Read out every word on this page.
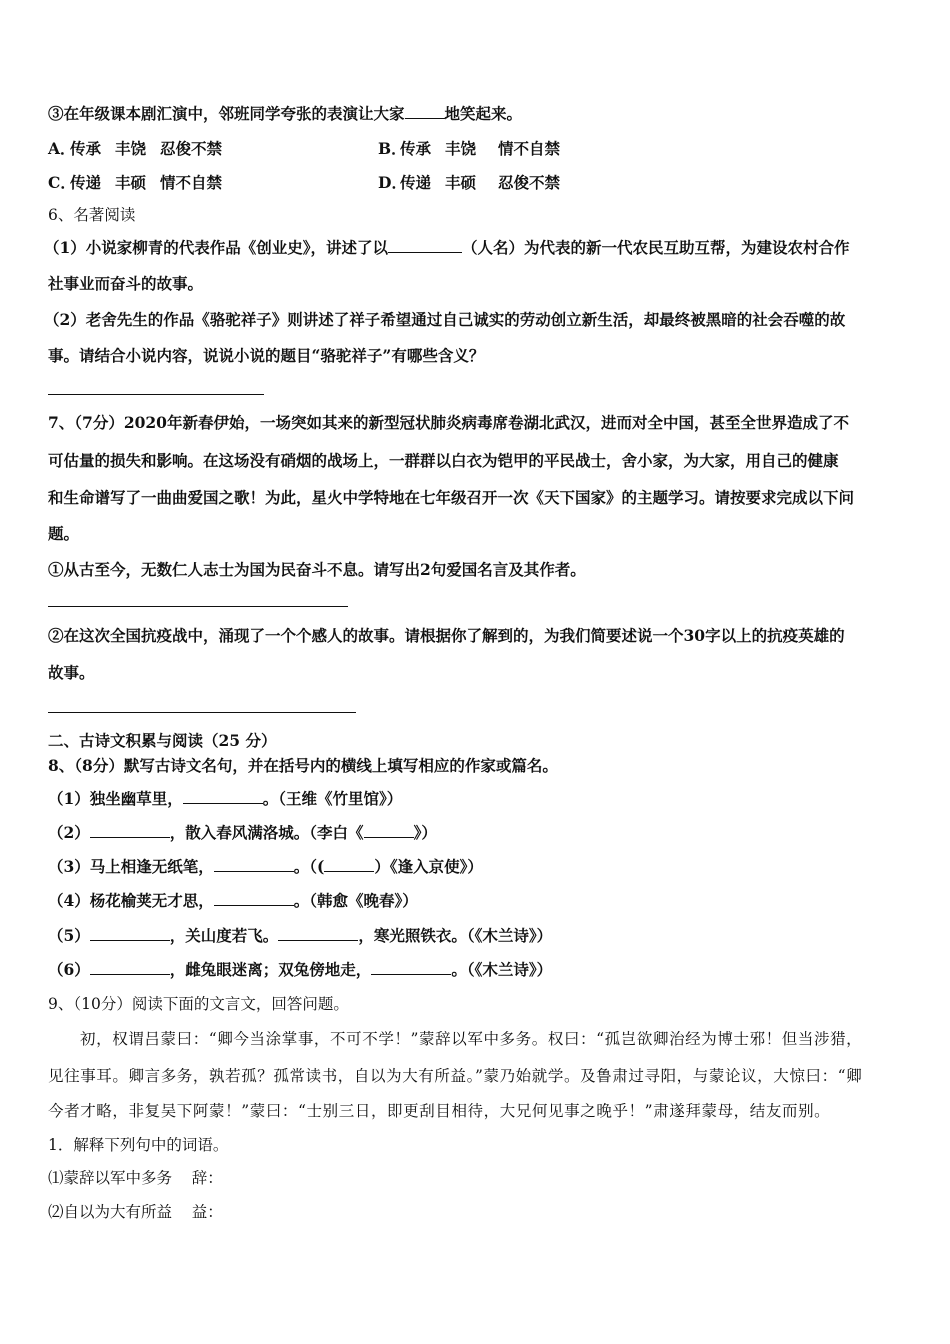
③在年级课本剧汇演中，邻班同学夸张的表演让大家	地笑起来。
A．传承 丰饶 忍俊不禁	B．传承 丰饶 情不自禁
C．传递 丰硕 情不自禁	D．传递 丰硕 忍俊不禁
6、名著阅读
（1）小说家柳青的代表作品《创业史》，讲述了以	（人名）为代表的新一代农民互助互帮，为建设农村合作
社事业而奋斗的故事。
（2）老舍先生的作品《骆驼祥子》则讲述了祥子希望通过自己诚实的劳动创立新生活，却最终被黑暗的社会吞噬的故
事。请结合小说内容，说说小说的题目“骆驼祥子”有哪些含义？
7、（7分）2020年新春伊始，一场突如其来的新型冠状肺炎病毒席卷湖北武汉，进而对全中国，甚至全世界造成了不
可估量的损失和影响。在这场没有硝烟的战场上，一群群以白衣为铠甲的平民战士，舍小家，为大家，用自己的健康
和生命谱写了一曲曲爱国之歌！为此，星火中学特地在七年级召开一次《天下国家》的主题学习。请按要求完成以下问
题。
①从古至今，无数仁人志士为国为民奋斗不息。请写出2句爱国名言及其作者。
②在这次全国抗疫战中，涌现了一个个感人的故事。请根据你了解到的，为我们简要述说一个30字以上的抗疫英雄的
故事。
二、古诗文积累与阅读（25 分）
8、（8分）默写古诗文名句，并在括号内的横线上填写相应的作家或篇名。
（1）独坐幽草里，	。（王维《竹里馆》）
（2）	，散入春风满洛城。（李白《	》）
（3）马上相逢无纸笔，	。（(	）《逢入京使》）
（4）杨花榆荚无才思，	。（韩愈《晚春》）
（5）	，关山度若飞。	，寒光照铁衣。（《木兰诗》）
（6）	，雌兔眼迷离；双兔傍地走，	。（《木兰诗》）
9、（10分）阅读下面的文言文，回答问题。
初，权谓吕蒙曰：“卿今当涂掌事，不可不学！”蒙辞以军中多务。权曰：“孤岂欲卿治经为博士邪！但当涉猎，
见往事耳。卿言多务，孰若孤？孤常读书，自以为大有所益。”蒙乃始就学。及鲁肃过寻阳，与蒙论议，大惊曰：“卿
今者才略，非复吴下阿蒙！”蒙曰：“士别三日，即更刮目相待，大兄何见事之晚乎！”肃遂拜蒙母，结友而别。
1．解释下列句中的词语。
⑴蒙辞以军中多务    辞：
⑵自以为大有所益    益：
